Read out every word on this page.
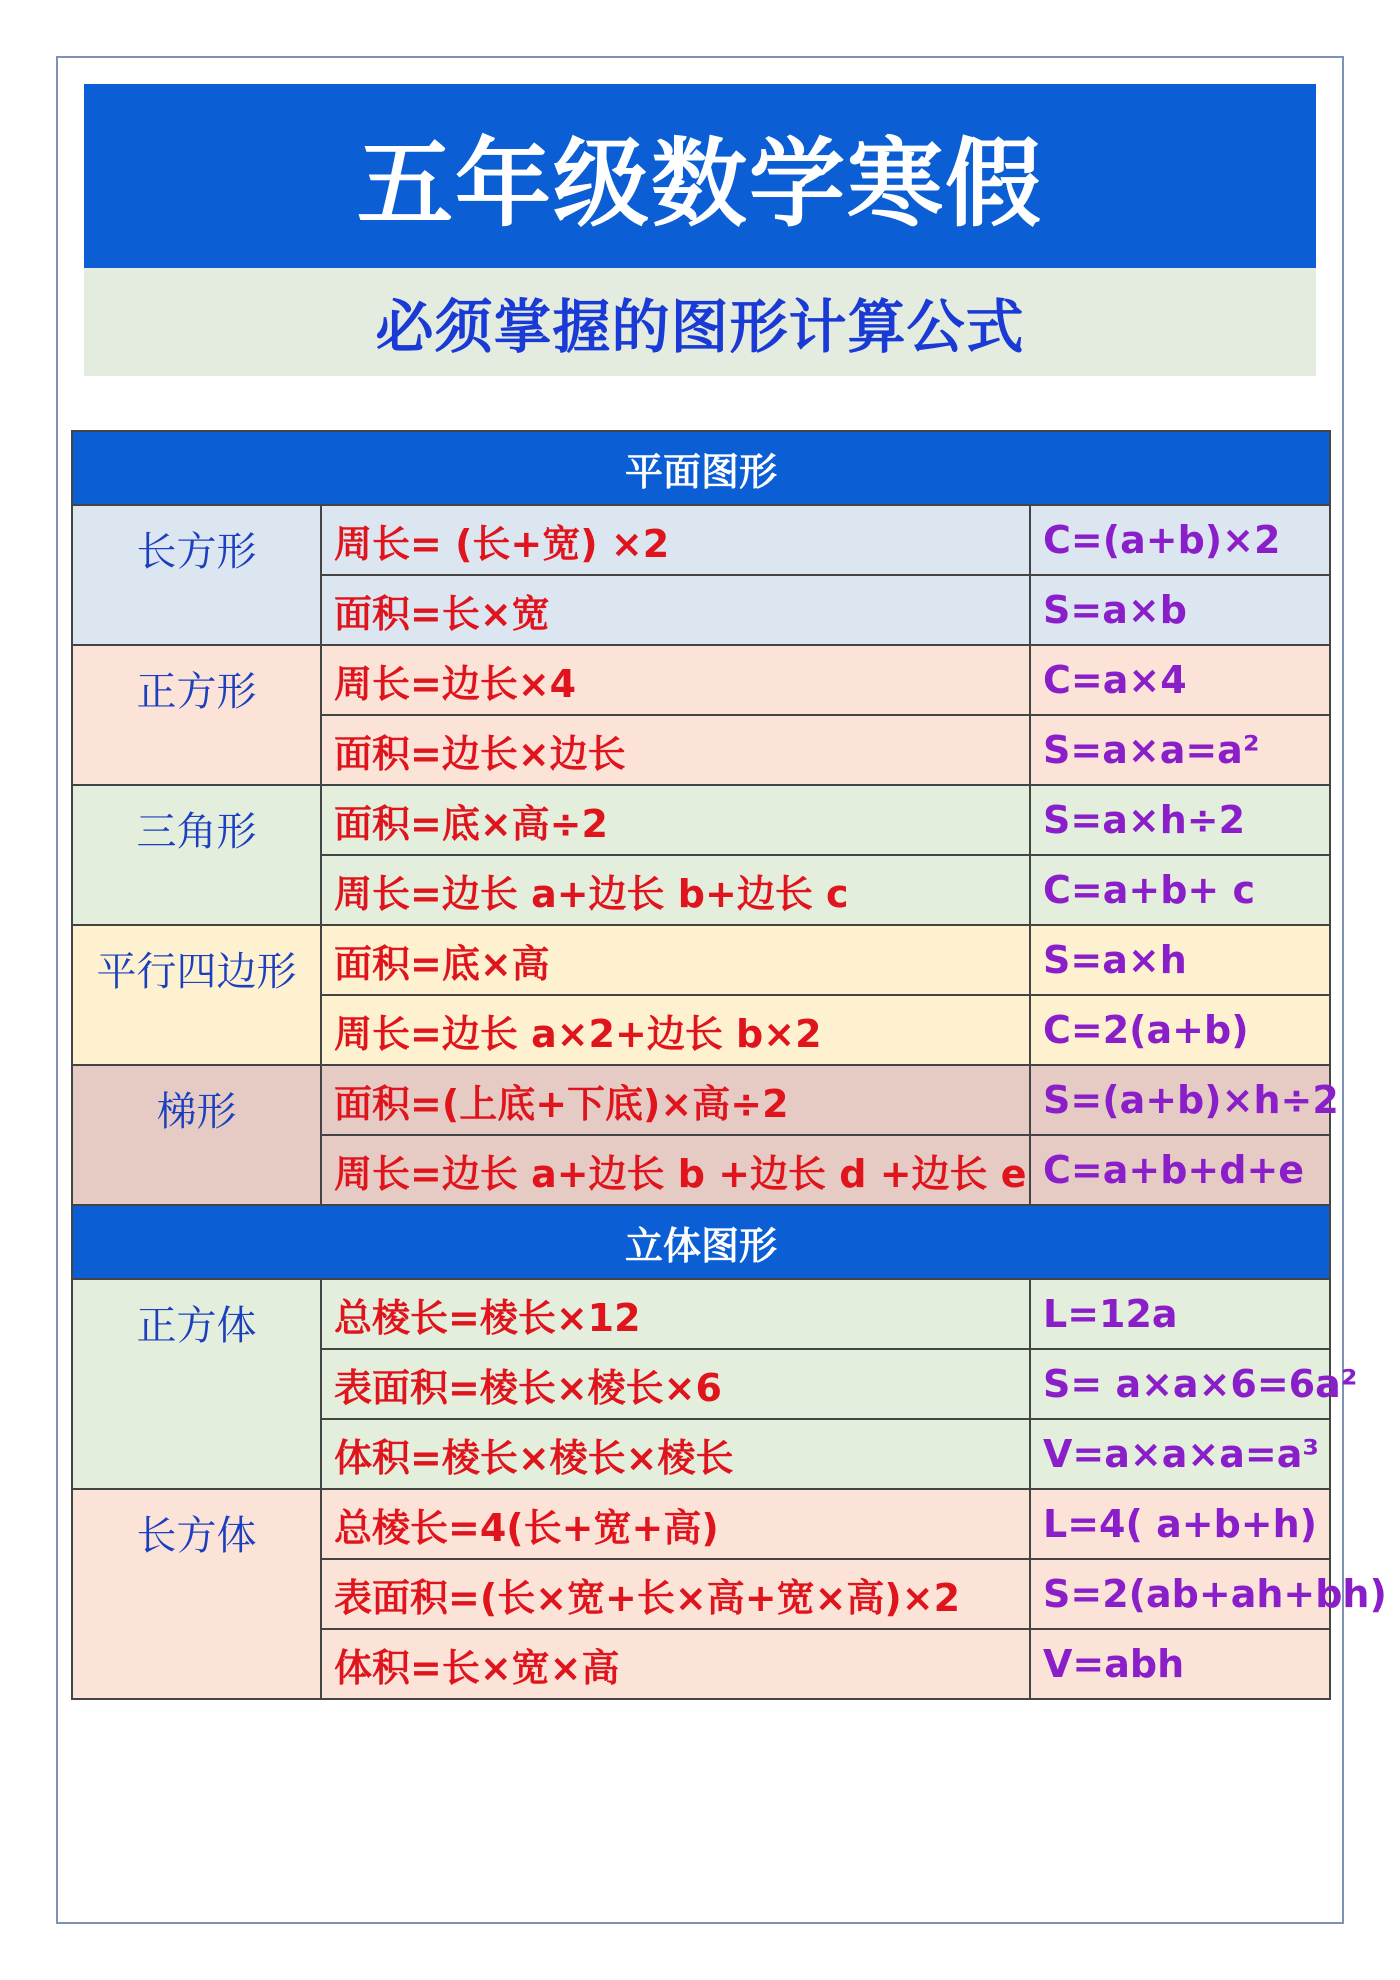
五年级数学寒假
必须掌握的图形计算公式
平面图形		
长方形	周长= (长+宽) ×2	C=(a+b)×2
	面积=长×宽	S=a×b
正方形	周长=边长×4	C=a×4
	面积=边长×边长	S=a×a=a²
三角形	面积=底×高÷2	S=a×h÷2
	周长=边长 a+边长 b+边长 c	C=a+b+ c
平行四边形	面积=底×高	S=a×h
	周长=边长 a×2+边长 b×2	C=2(a+b)
梯形	面积=(上底+下底)×高÷2	S=(a+b)×h÷2
	周长=边长 a+边长 b +边长 d +边长 e	C=a+b+d+e
立体图形		
正方体	总棱长=棱长×12	L=12a
	表面积=棱长×棱长×6	S= a×a×6=6a²
	体积=棱长×棱长×棱长	V=a×a×a=a³
长方体	总棱长=4(长+宽+高)	L=4( a+b+h)
	表面积=(长×宽+长×高+宽×高)×2	S=2(ab+ah+bh)
	体积=长×宽×高	V=abh
